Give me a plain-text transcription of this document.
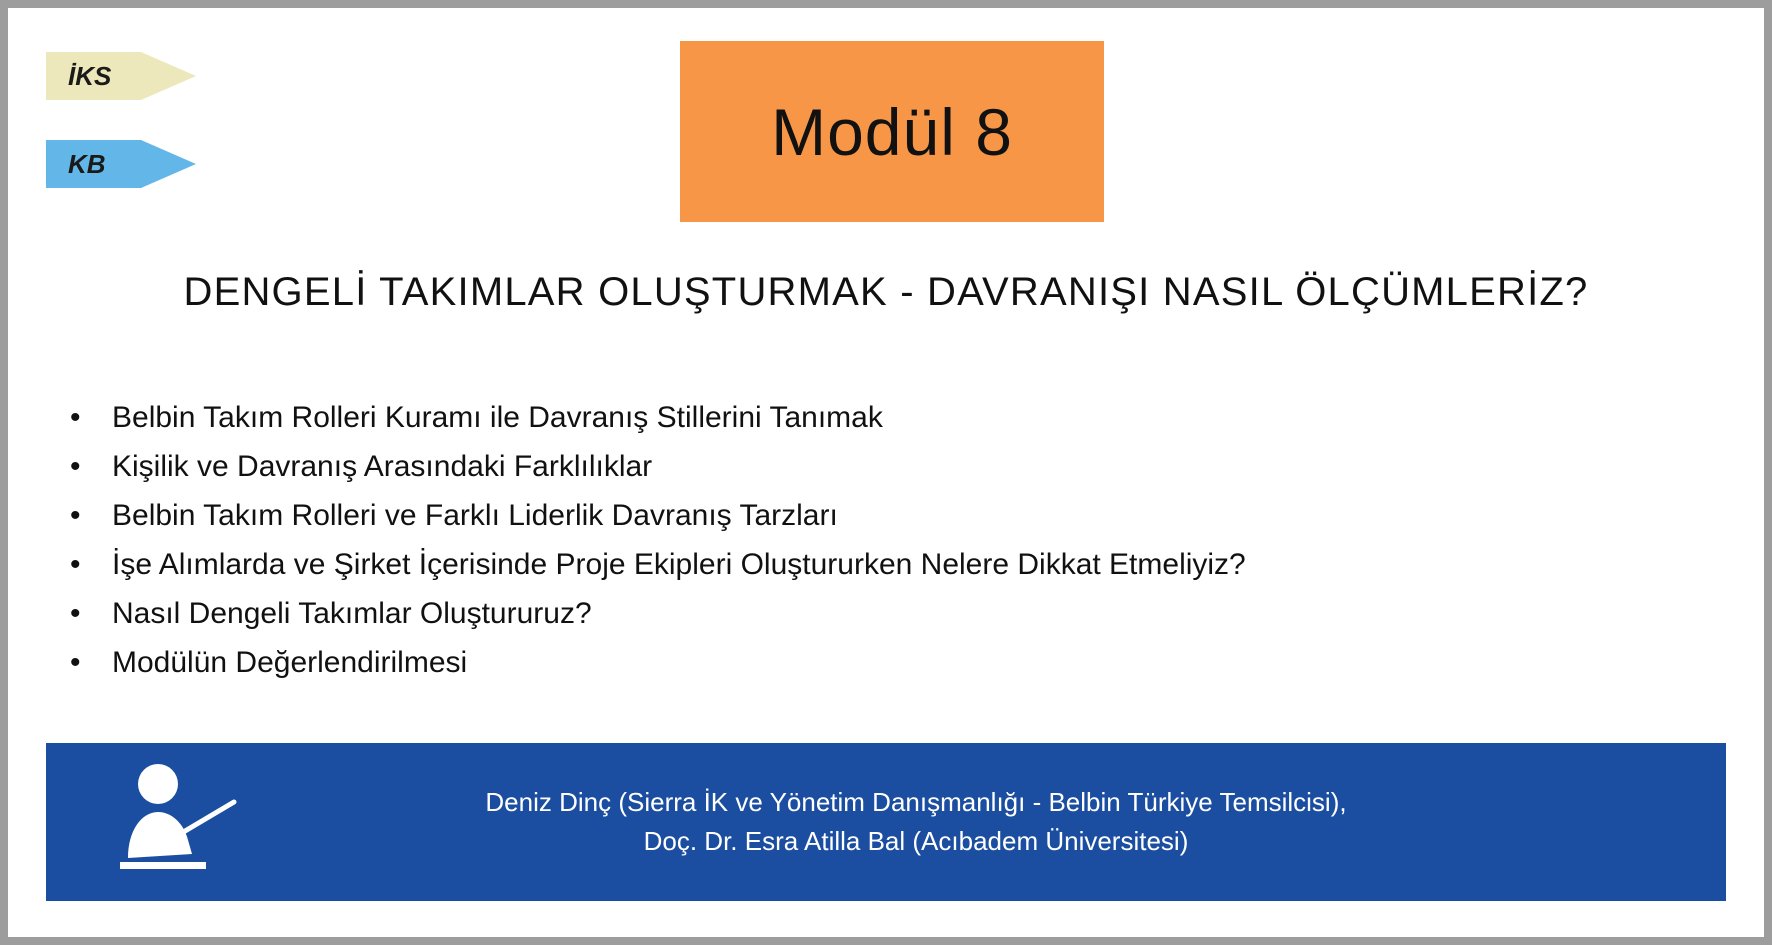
İKS
KB	Modül 8
DENGELİ TAKIMLAR OLUŞTURMAK - DAVRANIŞI NASIL ÖLÇÜMLERİZ?
• Belbin Takım Rolleri Kuramı ile Davranış Stillerini Tanımak
• Kişilik ve Davranış Arasındaki Farklılıklar
• Belbin Takım Rolleri ve Farklı Liderlik Davranış Tarzları
• İşe Alımlarda ve Şirket İçerisinde Proje Ekipleri Oluştururken Nelere Dikkat Etmeliyiz?
• Nasıl Dengeli Takımlar Oluştururuz?
• Modülün Değerlendirilmesi
Deniz Dinç (Sierra İK ve Yönetim Danışmanlığı - Belbin Türkiye Temsilcisi),
Doç. Dr. Esra Atilla Bal (Acıbadem Üniversitesi)
